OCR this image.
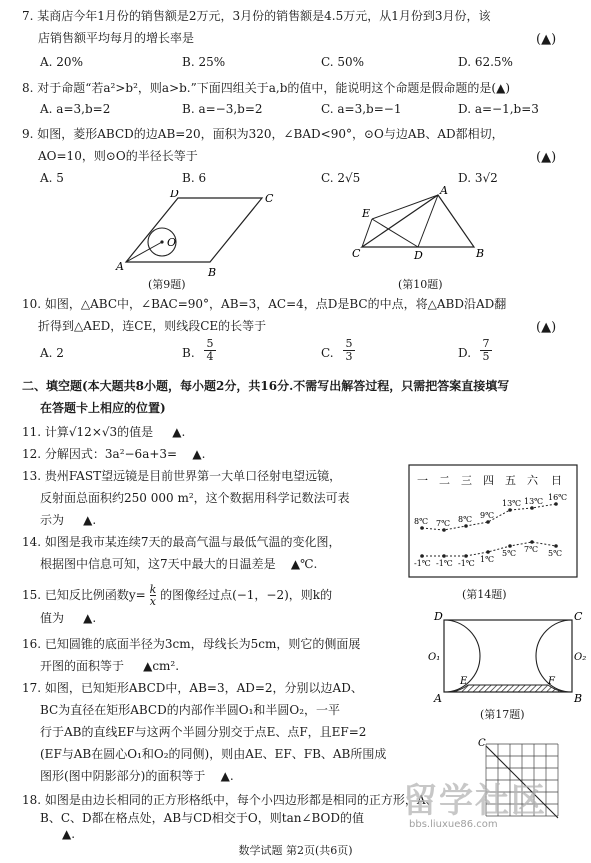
7. 某商店今年1月份的销售额是2万元，3月份的销售额是4.5万元，从1月份到3月份，该
店销售额平均每月的增长率是	(▲)
A. 20%	B. 25%	C. 50%	D. 62.5%
8. 对于命题“若a²>b²，则a>b.”下面四组关于a,b的值中，能说明这个命题是假命题的是(▲)
A. a=3,b=2	B. a=−3,b=2	C. a=3,b=−1	D. a=−1,b=3
9. 如图，菱形ABCD的边AB=20，面积为320，∠BAD<90°，⊙O与边AB、AD都相切，
AO=10，则⊙O的半径长等于	(▲)
A. 5	B. 6	C. 2√5	D. 3√2
A	B
C
D
O
(第9题)
A
B
C	D
E
(第10题)
10. 如图，△ABC中，∠BAC=90°，AB=3，AC=4，点D是BC的中点，将△ABD沿AD翻
折得到△AED，连CE，则线段CE的长等于	(▲)
A. 2	B. $\frac{5}{4}$	C. $\frac{5}{3}$	D. $\frac{7}{5}$
二、填空题(本大题共8小题，每小题2分，共16分.不需写出解答过程，只需把答案直接填写
在答题卡上相应的位置)
11. 计算√12×√3的值是 ▲.
12. 分解因式：3a²−6a+3= ▲.
13. 贵州FAST望远镜是目前世界第一大单口径射电望远镜，
反射面总面积约250 000 m²，这个数据用科学记数法可表
示为 ▲.
14. 如图是我市某连续7天的最高气温与最低气温的变化图，
根据图中信息可知，这7天中最大的日温差是 ▲℃.
一 二 三 四 五 六 日
8℃ 7℃ 8℃ 9℃
13℃ 13℃ 16℃
-1℃ -1℃ -1℃ 1℃
5℃ 7℃ 5℃
(第14题)
15. 已知反比例函数$y= \frac{k}{x}$ 的图像经过点(−1，−2)，则k的
值为 ▲.
16. 已知圆锥的底面半径为3cm，母线长为5cm，则它的侧面展
开图的面积等于 ▲cm².
D	C
A	B
E	F
O₁	O₂
(第17题)
17. 如图，已知矩形ABCD中，AB=3，AD=2，分别以边AD、
BC为直径在矩形ABCD的内部作半圆O₁和半圆O₂，一平
行于AB的直线EF与这两个半圆分别交于点E、点F，且EF=2
(EF与AB在圆心O₁和O₂的同侧)，则由AE、EF、FB、AB所围成
图形(图中阴影部分)的面积等于 ▲.
C
18. 如图是由边长相同的正方形格纸中，每个小四边形都是相同的正方形，A、
B、C、D都在格点处，AB与CD相交于O，则tan∠BOD的值
▲.
留学社区
bbs.liuxue86.com
数学试题 第2页(共6页)
